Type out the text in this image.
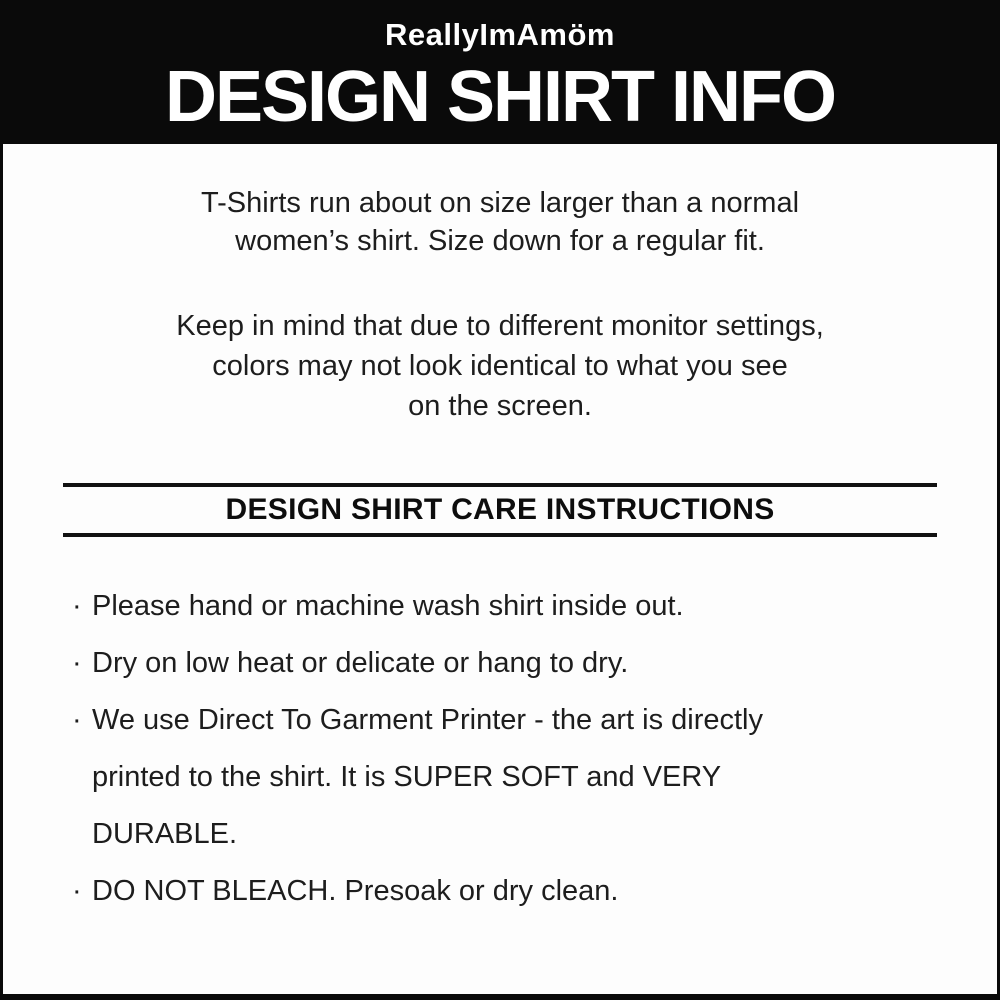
ReallyImAmöm
DESIGN SHIRT INFO

T-Shirts run about on size larger than a normal
women’s shirt. Size down for a regular fit.

Keep in mind that due to different monitor settings,
colors may not look identical to what you see
on the screen.

DESIGN SHIRT CARE INSTRUCTIONS
· Please hand or machine wash shirt inside out.
· Dry on low heat or delicate or hang to dry.
· We use Direct To Garment Printer - the art is directly
printed to the shirt. It is SUPER SOFT and VERY
DURABLE.
· DO NOT BLEACH. Presoak or dry clean.
